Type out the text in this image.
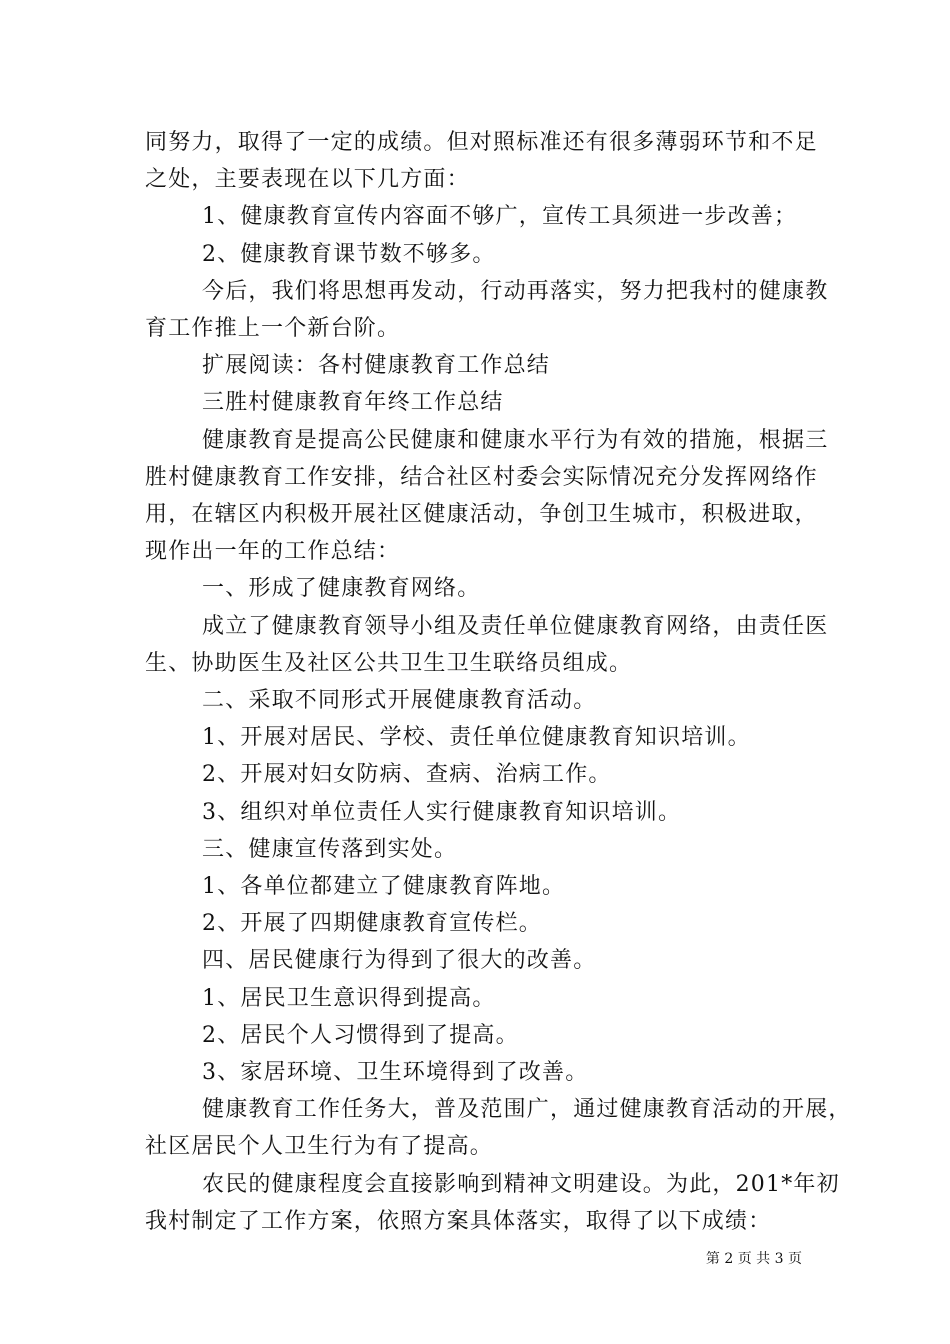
同努力，取得了一定的成绩。但对照标准还有很多薄弱环节和不足
之处，主要表现在以下几方面：
1、健康教育宣传内容面不够广，宣传工具须进一步改善；
2、健康教育课节数不够多。
今后，我们将思想再发动，行动再落实，努力把我村的健康教
育工作推上一个新台阶。
扩展阅读：各村健康教育工作总结
三胜村健康教育年终工作总结
健康教育是提高公民健康和健康水平行为有效的措施，根据三
胜村健康教育工作安排，结合社区村委会实际情况充分发挥网络作
用，在辖区内积极开展社区健康活动，争创卫生城市，积极进取，
现作出一年的工作总结：
一、形成了健康教育网络。
成立了健康教育领导小组及责任单位健康教育网络，由责任医
生、协助医生及社区公共卫生卫生联络员组成。
二、采取不同形式开展健康教育活动。
1、开展对居民、学校、责任单位健康教育知识培训。
2、开展对妇女防病、查病、治病工作。
3、组织对单位责任人实行健康教育知识培训。
三、健康宣传落到实处。
1、各单位都建立了健康教育阵地。
2、开展了四期健康教育宣传栏。
四、居民健康行为得到了很大的改善。
1、居民卫生意识得到提高。
2、居民个人习惯得到了提高。
3、家居环境、卫生环境得到了改善。
健康教育工作任务大，普及范围广，通过健康教育活动的开展，
社区居民个人卫生行为有了提高。
农民的健康程度会直接影响到精神文明建设。为此，201*年初
我村制定了工作方案，依照方案具体落实，取得了以下成绩：
第 2 页 共 3 页
